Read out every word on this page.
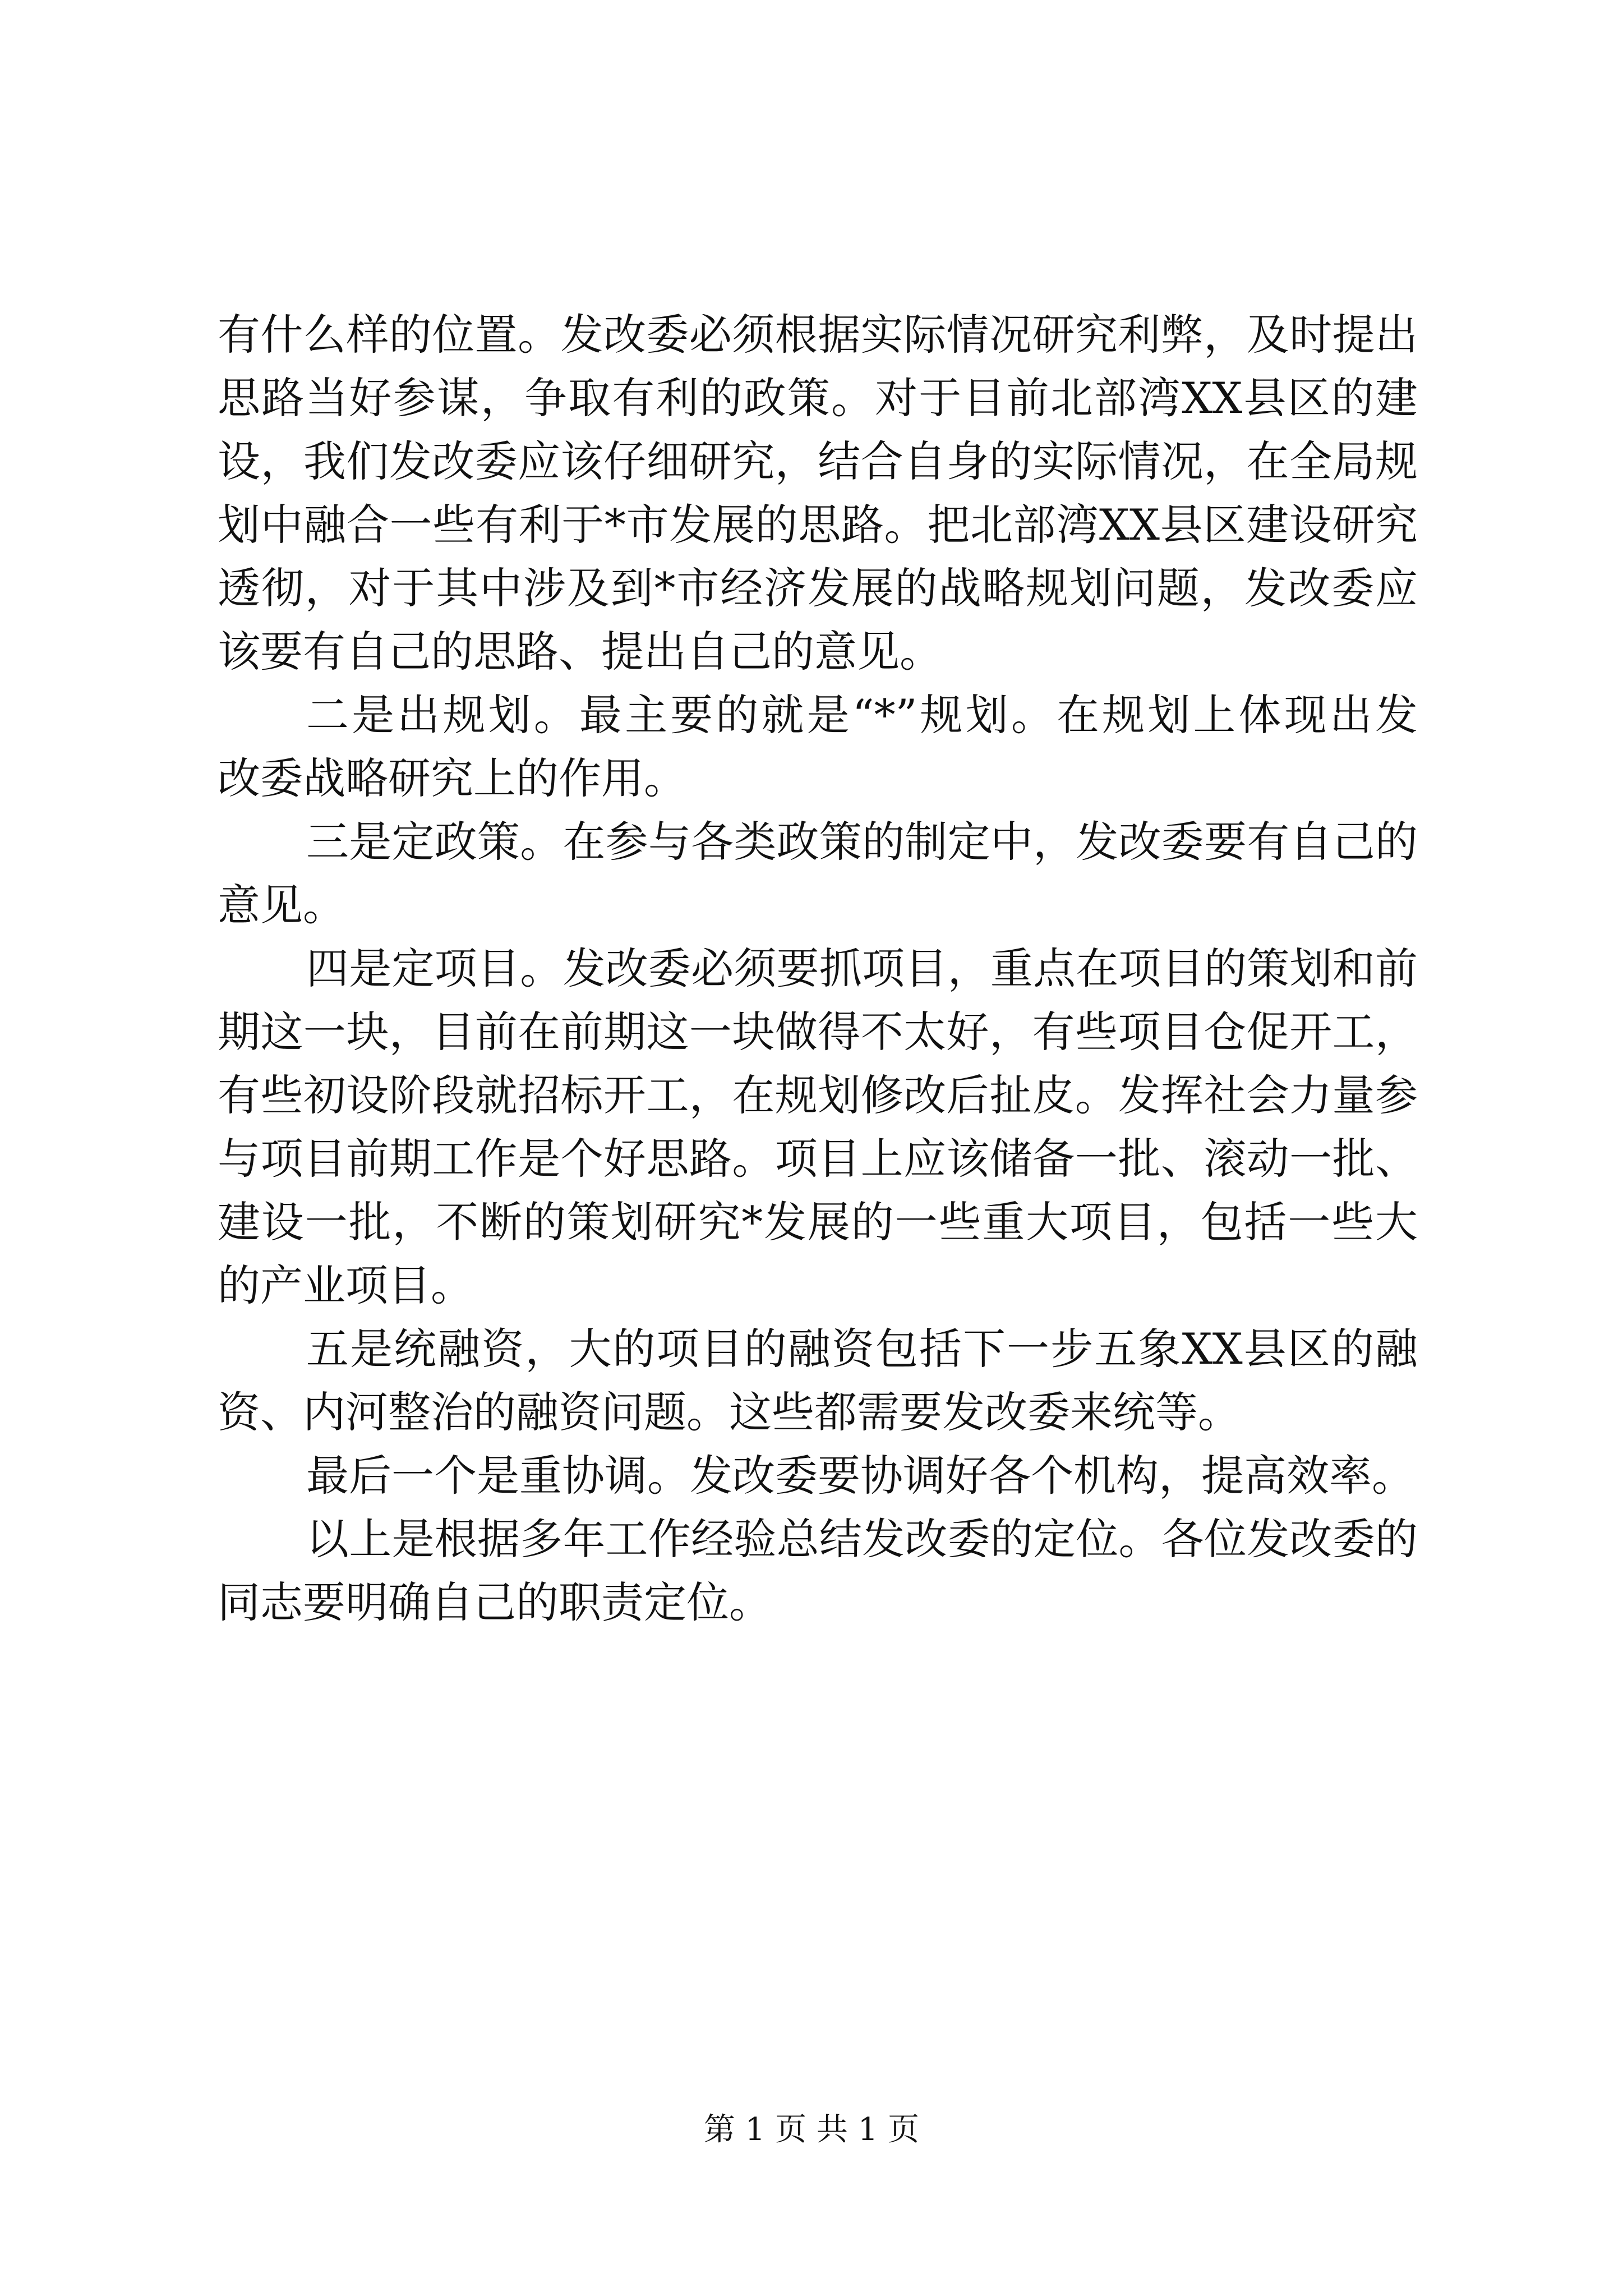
有什么样的位置。发改委必须根据实际情况研究利弊，及时提出
思路当好参谋，争取有利的政策。对于目前北部湾XX县区的建
设，我们发改委应该仔细研究，结合自身的实际情况，在全局规
划中融合一些有利于*市发展的思路。把北部湾XX县区建设研究
透彻，对于其中涉及到*市经济发展的战略规划问题，发改委应
该要有自己的思路、提出自己的意见。
二是出规划。最主要的就是“*”规划。在规划上体现出发
改委战略研究上的作用。
三是定政策。在参与各类政策的制定中，发改委要有自己的
意见。
四是定项目。发改委必须要抓项目，重点在项目的策划和前
期这一块，目前在前期这一块做得不太好，有些项目仓促开工，
有些初设阶段就招标开工，在规划修改后扯皮。发挥社会力量参
与项目前期工作是个好思路。项目上应该储备一批、滚动一批、
建设一批，不断的策划研究*发展的一些重大项目，包括一些大
的产业项目。
五是统融资，大的项目的融资包括下一步五象XX县区的融
资、内河整治的融资问题。这些都需要发改委来统等。
最后一个是重协调。发改委要协调好各个机构，提高效率。
以上是根据多年工作经验总结发改委的定位。各位发改委的
同志要明确自己的职责定位。
第 1 页 共 1 页
